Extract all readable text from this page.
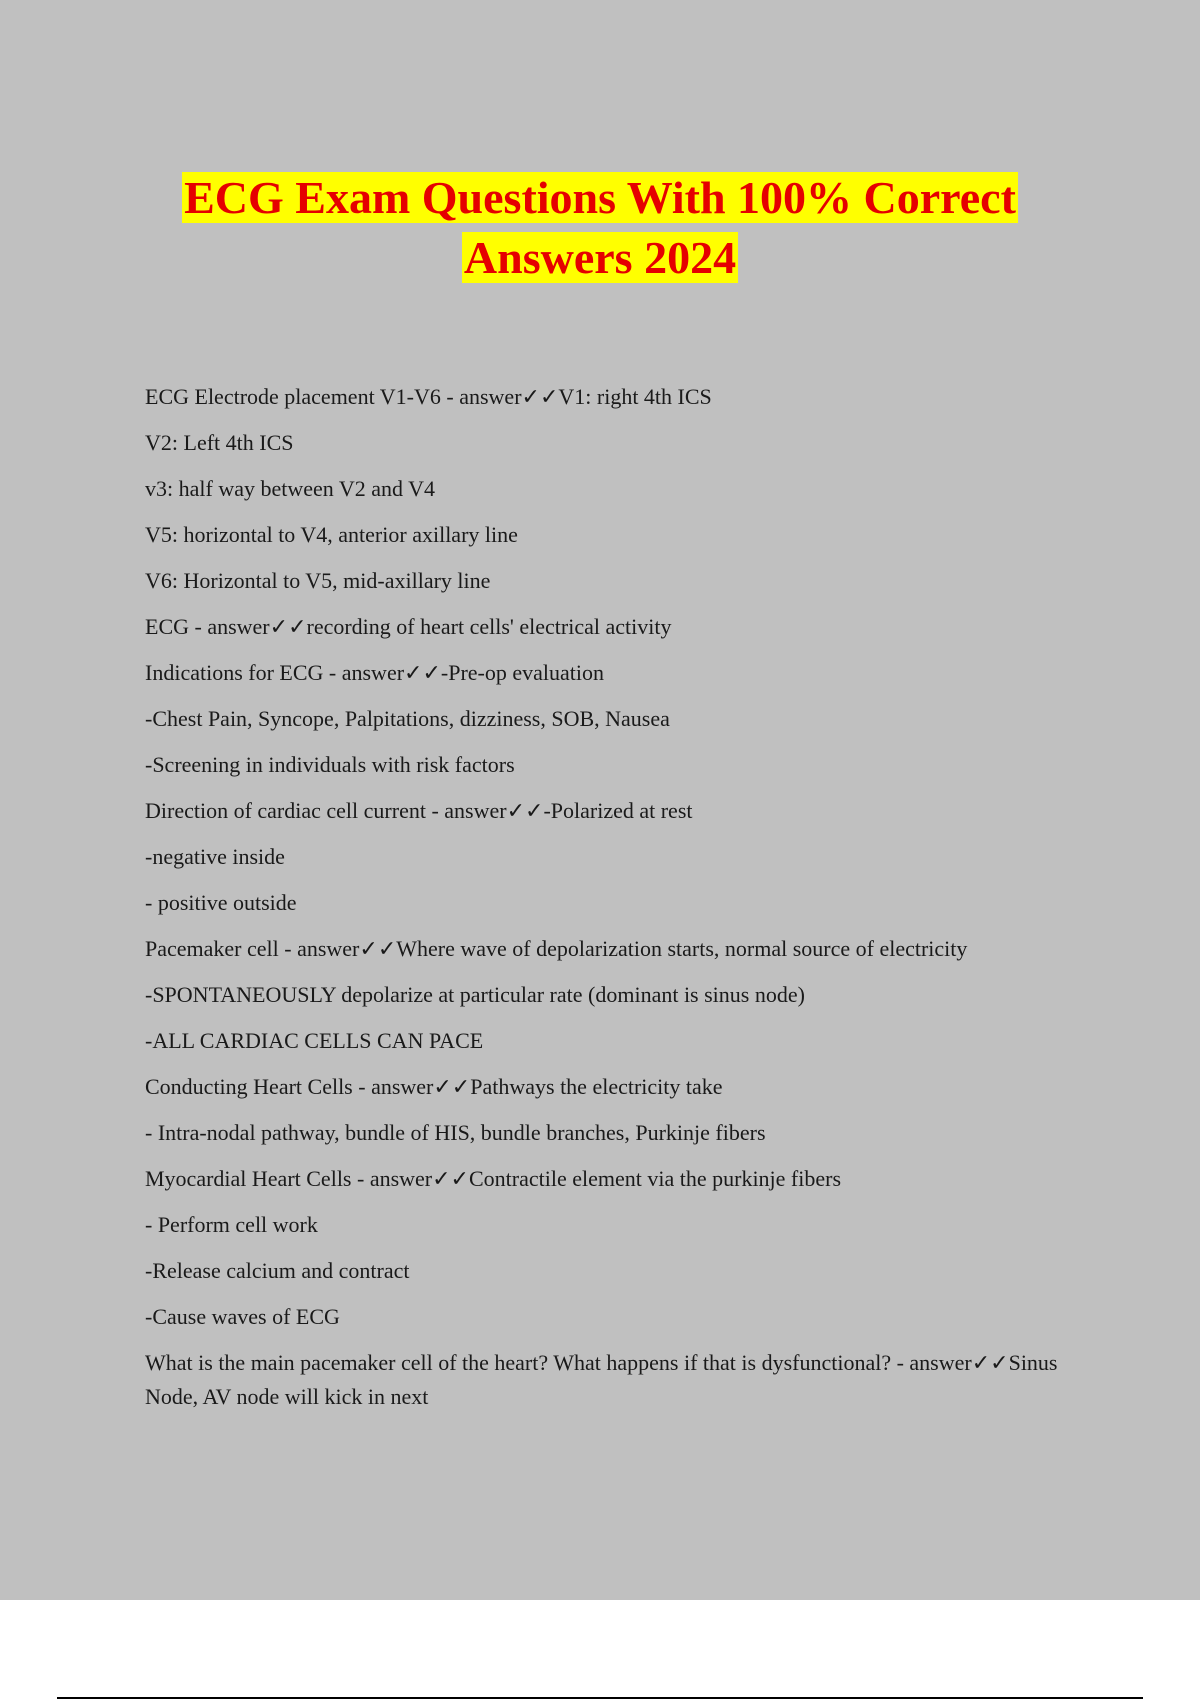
ECG Exam Questions With 100% Correct
Answers 2024

ECG Electrode placement V1-V6 - answer✓✓V1: right 4th ICS

V2: Left 4th ICS

v3: half way between V2 and V4

V5: horizontal to V4, anterior axillary line

V6: Horizontal to V5, mid-axillary line

ECG - answer✓✓recording of heart cells' electrical activity

Indications for ECG - answer✓✓-Pre-op evaluation

-Chest Pain, Syncope, Palpitations, dizziness, SOB, Nausea

-Screening in individuals with risk factors

Direction of cardiac cell current - answer✓✓-Polarized at rest

-negative inside

- positive outside

Pacemaker cell - answer✓✓Where wave of depolarization starts, normal source of electricity

-SPONTANEOUSLY depolarize at particular rate (dominant is sinus node)

-ALL CARDIAC CELLS CAN PACE

Conducting Heart Cells - answer✓✓Pathways the electricity take

- Intra-nodal pathway, bundle of HIS, bundle branches, Purkinje fibers

Myocardial Heart Cells - answer✓✓Contractile element via the purkinje fibers

- Perform cell work

-Release calcium and contract

-Cause waves of ECG

What is the main pacemaker cell of the heart? What happens if that is dysfunctional? - answer✓✓Sinus Node, AV node will kick in next
